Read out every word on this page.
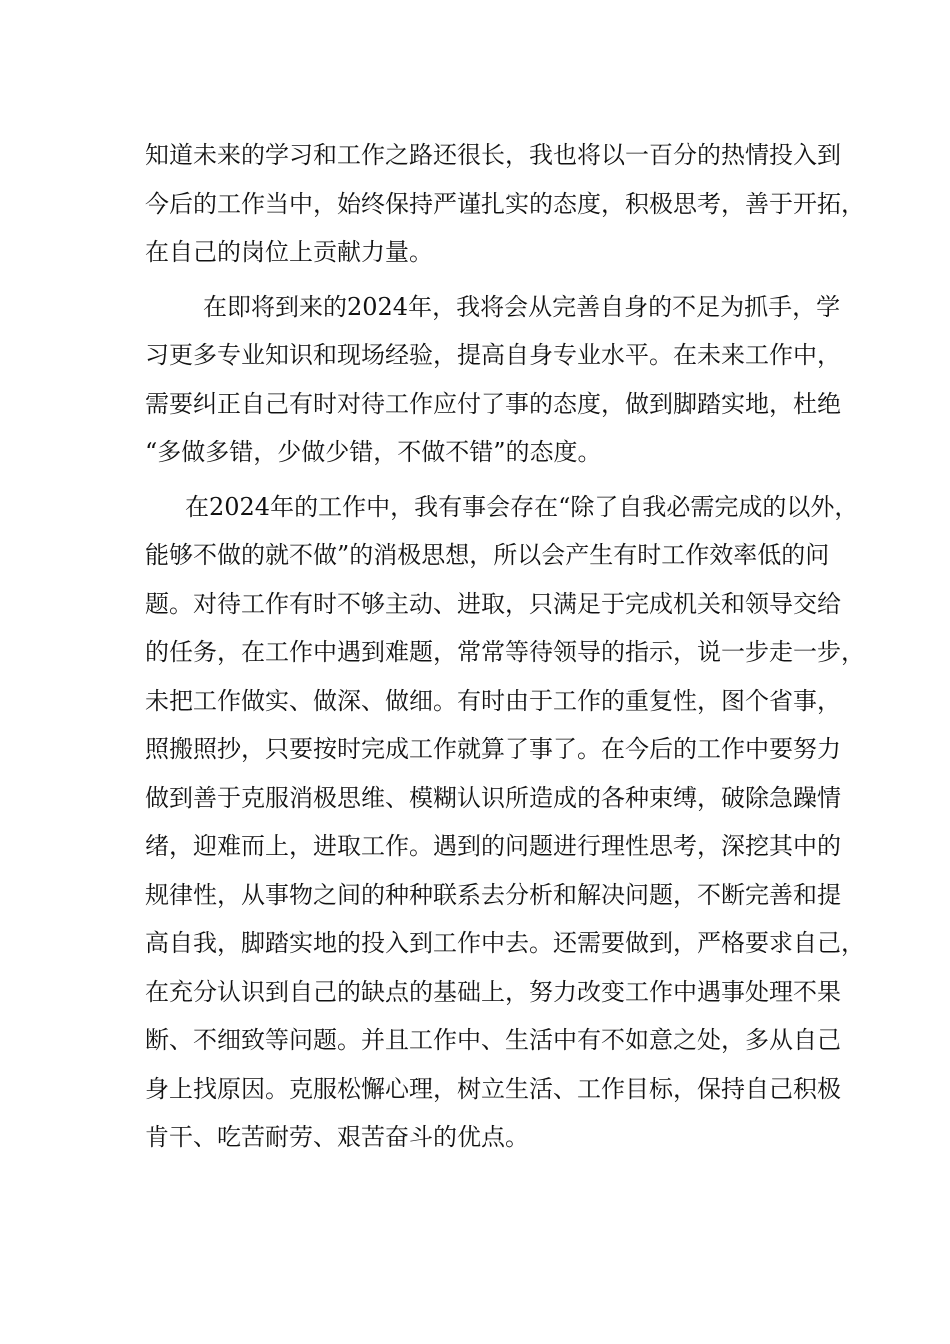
知道未来的学习和工作之路还很长，我也将以一百分的热情投入到
今后的工作当中，始终保持严谨扎实的态度，积极思考，善于开拓，
在自己的岗位上贡献力量。
在即将到来的2024年，我将会从完善自身的不足为抓手，学
习更多专业知识和现场经验，提高自身专业水平。在未来工作中，
需要纠正自己有时对待工作应付了事的态度，做到脚踏实地，杜绝
“多做多错，少做少错，不做不错”的态度。
在2024年的工作中，我有事会存在“除了自我必需完成的以外，
能够不做的就不做”的消极思想，所以会产生有时工作效率低的问
题。对待工作有时不够主动、进取，只满足于完成机关和领导交给
的任务，在工作中遇到难题，常常等待领导的指示，说一步走一步，
未把工作做实、做深、做细。有时由于工作的重复性，图个省事，
照搬照抄，只要按时完成工作就算了事了。在今后的工作中要努力
做到善于克服消极思维、模糊认识所造成的各种束缚，破除急躁情
绪，迎难而上，进取工作。遇到的问题进行理性思考，深挖其中的
规律性，从事物之间的种种联系去分析和解决问题，不断完善和提
高自我，脚踏实地的投入到工作中去。还需要做到，严格要求自己，
在充分认识到自己的缺点的基础上，努力改变工作中遇事处理不果
断、不细致等问题。并且工作中、生活中有不如意之处，多从自己
身上找原因。克服松懈心理，树立生活、工作目标，保持自己积极
肯干、吃苦耐劳、艰苦奋斗的优点。
